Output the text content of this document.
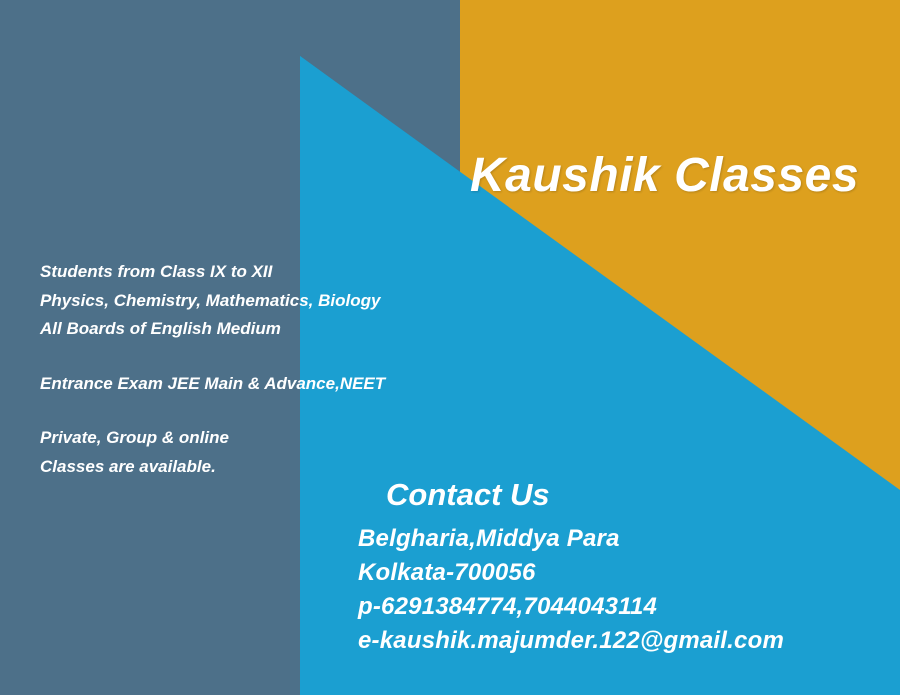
Kaushik Classes
Students from Class IX to XII
Physics, Chemistry, Mathematics, Biology
All Boards of English Medium
Entrance Exam JEE Main & Advance,NEET
Private, Group & online
Classes are available.
Contact Us
Belgharia,Middya Para
Kolkata-700056
p-6291384774,7044043114
e-kaushik.majumder.122@gmail.com
